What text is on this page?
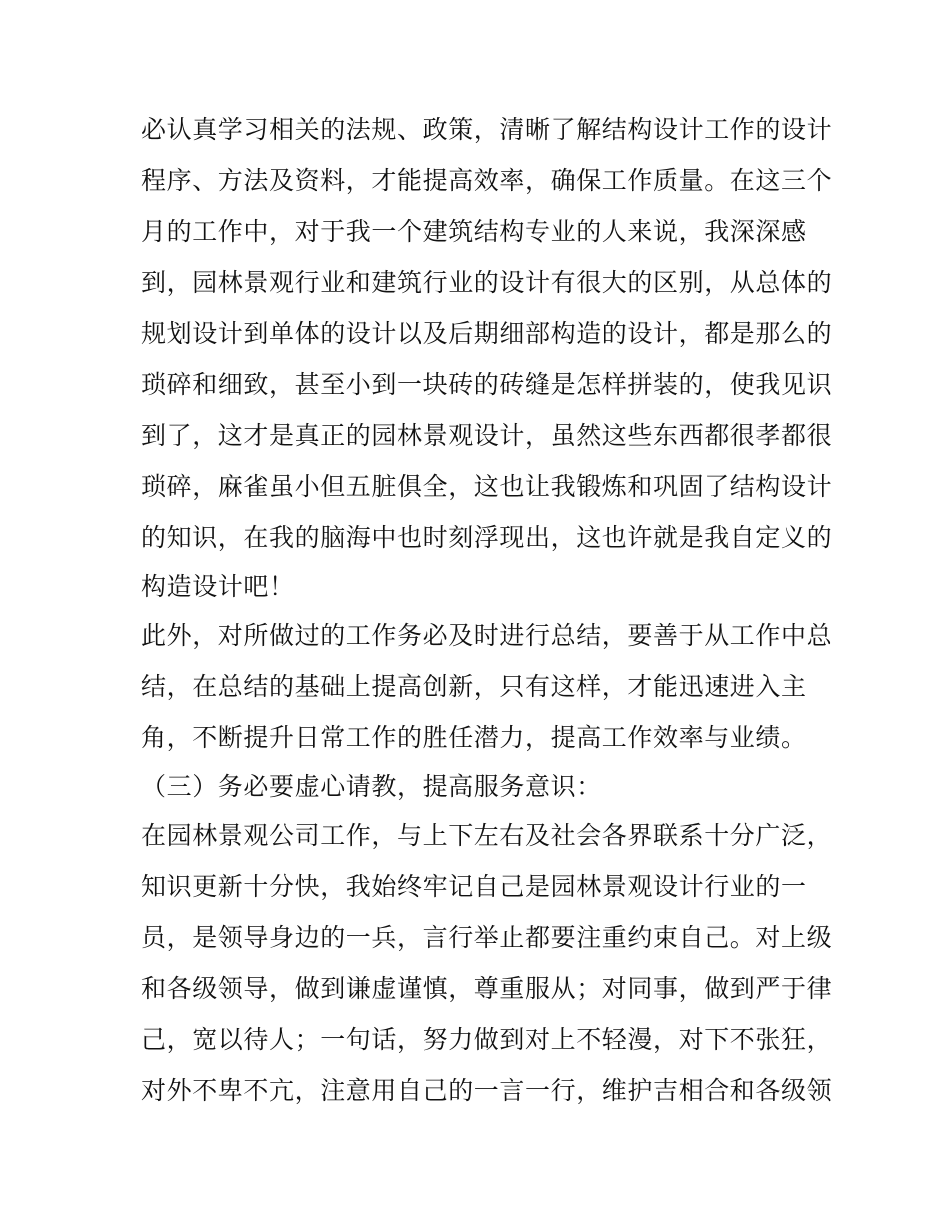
必认真学习相关的法规、政策，清晰了解结构设计工作的设计
程序、方法及资料，才能提高效率，确保工作质量。在这三个
月的工作中，对于我一个建筑结构专业的人来说，我深深感
到，园林景观行业和建筑行业的设计有很大的区别，从总体的
规划设计到单体的设计以及后期细部构造的设计，都是那么的
琐碎和细致，甚至小到一块砖的砖缝是怎样拼装的，使我见识
到了，这才是真正的园林景观设计，虽然这些东西都很孝都很
琐碎，麻雀虽小但五脏俱全，这也让我锻炼和巩固了结构设计
的知识，在我的脑海中也时刻浮现出，这也许就是我自定义的
构造设计吧！
此外，对所做过的工作务必及时进行总结，要善于从工作中总
结，在总结的基础上提高创新，只有这样，才能迅速进入主
角，不断提升日常工作的胜任潜力，提高工作效率与业绩。
（三）务必要虚心请教，提高服务意识：
在园林景观公司工作，与上下左右及社会各界联系十分广泛，
知识更新十分快，我始终牢记自己是园林景观设计行业的一
员，是领导身边的一兵，言行举止都要注重约束自己。对上级
和各级领导，做到谦虚谨慎，尊重服从；对同事，做到严于律
己，宽以待人；一句话，努力做到对上不轻漫，对下不张狂，
对外不卑不亢，注意用自己的一言一行，维护吉相合和各级领
